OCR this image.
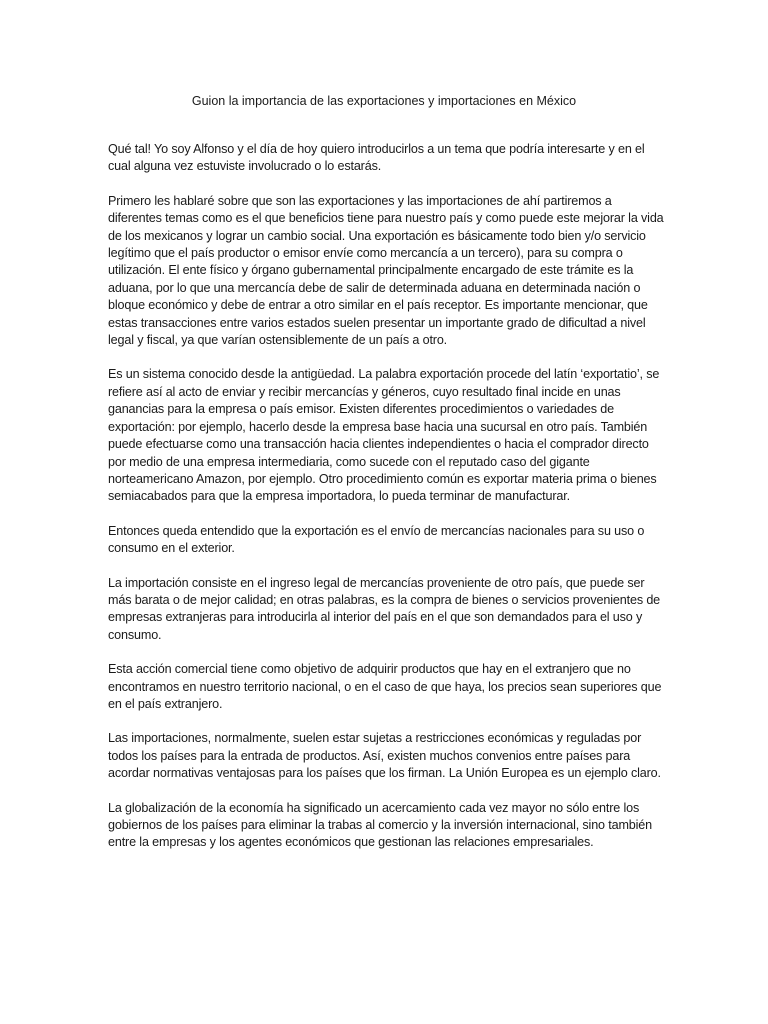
Guion la importancia de las exportaciones y importaciones en México

Qué tal! Yo soy Alfonso y el día de hoy quiero introducirlos a un tema que podría interesarte y en el cual alguna vez estuviste involucrado o lo estarás.

Primero les hablaré sobre que son las exportaciones y las importaciones de ahí partiremos a diferentes temas como es el que beneficios tiene para nuestro país y como puede este mejorar la vida de los mexicanos y lograr un cambio social. Una exportación es básicamente todo bien y/o servicio legítimo que el país productor o emisor envíe como mercancía a un tercero), para su compra o utilización. El ente físico y órgano gubernamental principalmente encargado de este trámite es la aduana, por lo que una mercancía debe de salir de determinada aduana en determinada nación o bloque económico y debe de entrar a otro similar en el país receptor. Es importante mencionar, que estas transacciones entre varios estados suelen presentar un importante grado de dificultad a nivel legal y fiscal, ya que varían ostensiblemente de un país a otro.

Es un sistema conocido desde la antigüedad. La palabra exportación procede del latín ‘exportatio’, se refiere así al acto de enviar y recibir mercancías y géneros, cuyo resultado final incide en unas ganancias para la empresa o país emisor. Existen diferentes procedimientos o variedades de exportación: por ejemplo, hacerlo desde la empresa base hacia una sucursal en otro país. También puede efectuarse como una transacción hacia clientes independientes o hacia el comprador directo por medio de una empresa intermediaria, como sucede con el reputado caso del gigante norteamericano Amazon, por ejemplo. Otro procedimiento común es exportar materia prima o bienes semiacabados para que la empresa importadora, lo pueda terminar de manufacturar.

Entonces queda entendido que la exportación es el envío de mercancías nacionales para su uso o consumo en el exterior.

La importación consiste en el ingreso legal de mercancías proveniente de otro país, que puede ser más barata o de mejor calidad; en otras palabras, es la compra de bienes o servicios provenientes de empresas extranjeras para introducirla al interior del país en el que son demandados para el uso y consumo.

Esta acción comercial tiene como objetivo de adquirir productos que hay en el extranjero que no encontramos en nuestro territorio nacional, o en el caso de que haya, los precios sean superiores que en el país extranjero.

Las importaciones, normalmente, suelen estar sujetas a restricciones económicas y reguladas por todos los países para la entrada de productos. Así, existen muchos convenios entre países para acordar normativas ventajosas para los países que los firman. La Unión Europea es un ejemplo claro.

La globalización de la economía ha significado un acercamiento cada vez mayor no sólo entre los gobiernos de los países para eliminar la trabas al comercio y la inversión internacional, sino también entre la empresas y los agentes económicos que gestionan las relaciones empresariales.
